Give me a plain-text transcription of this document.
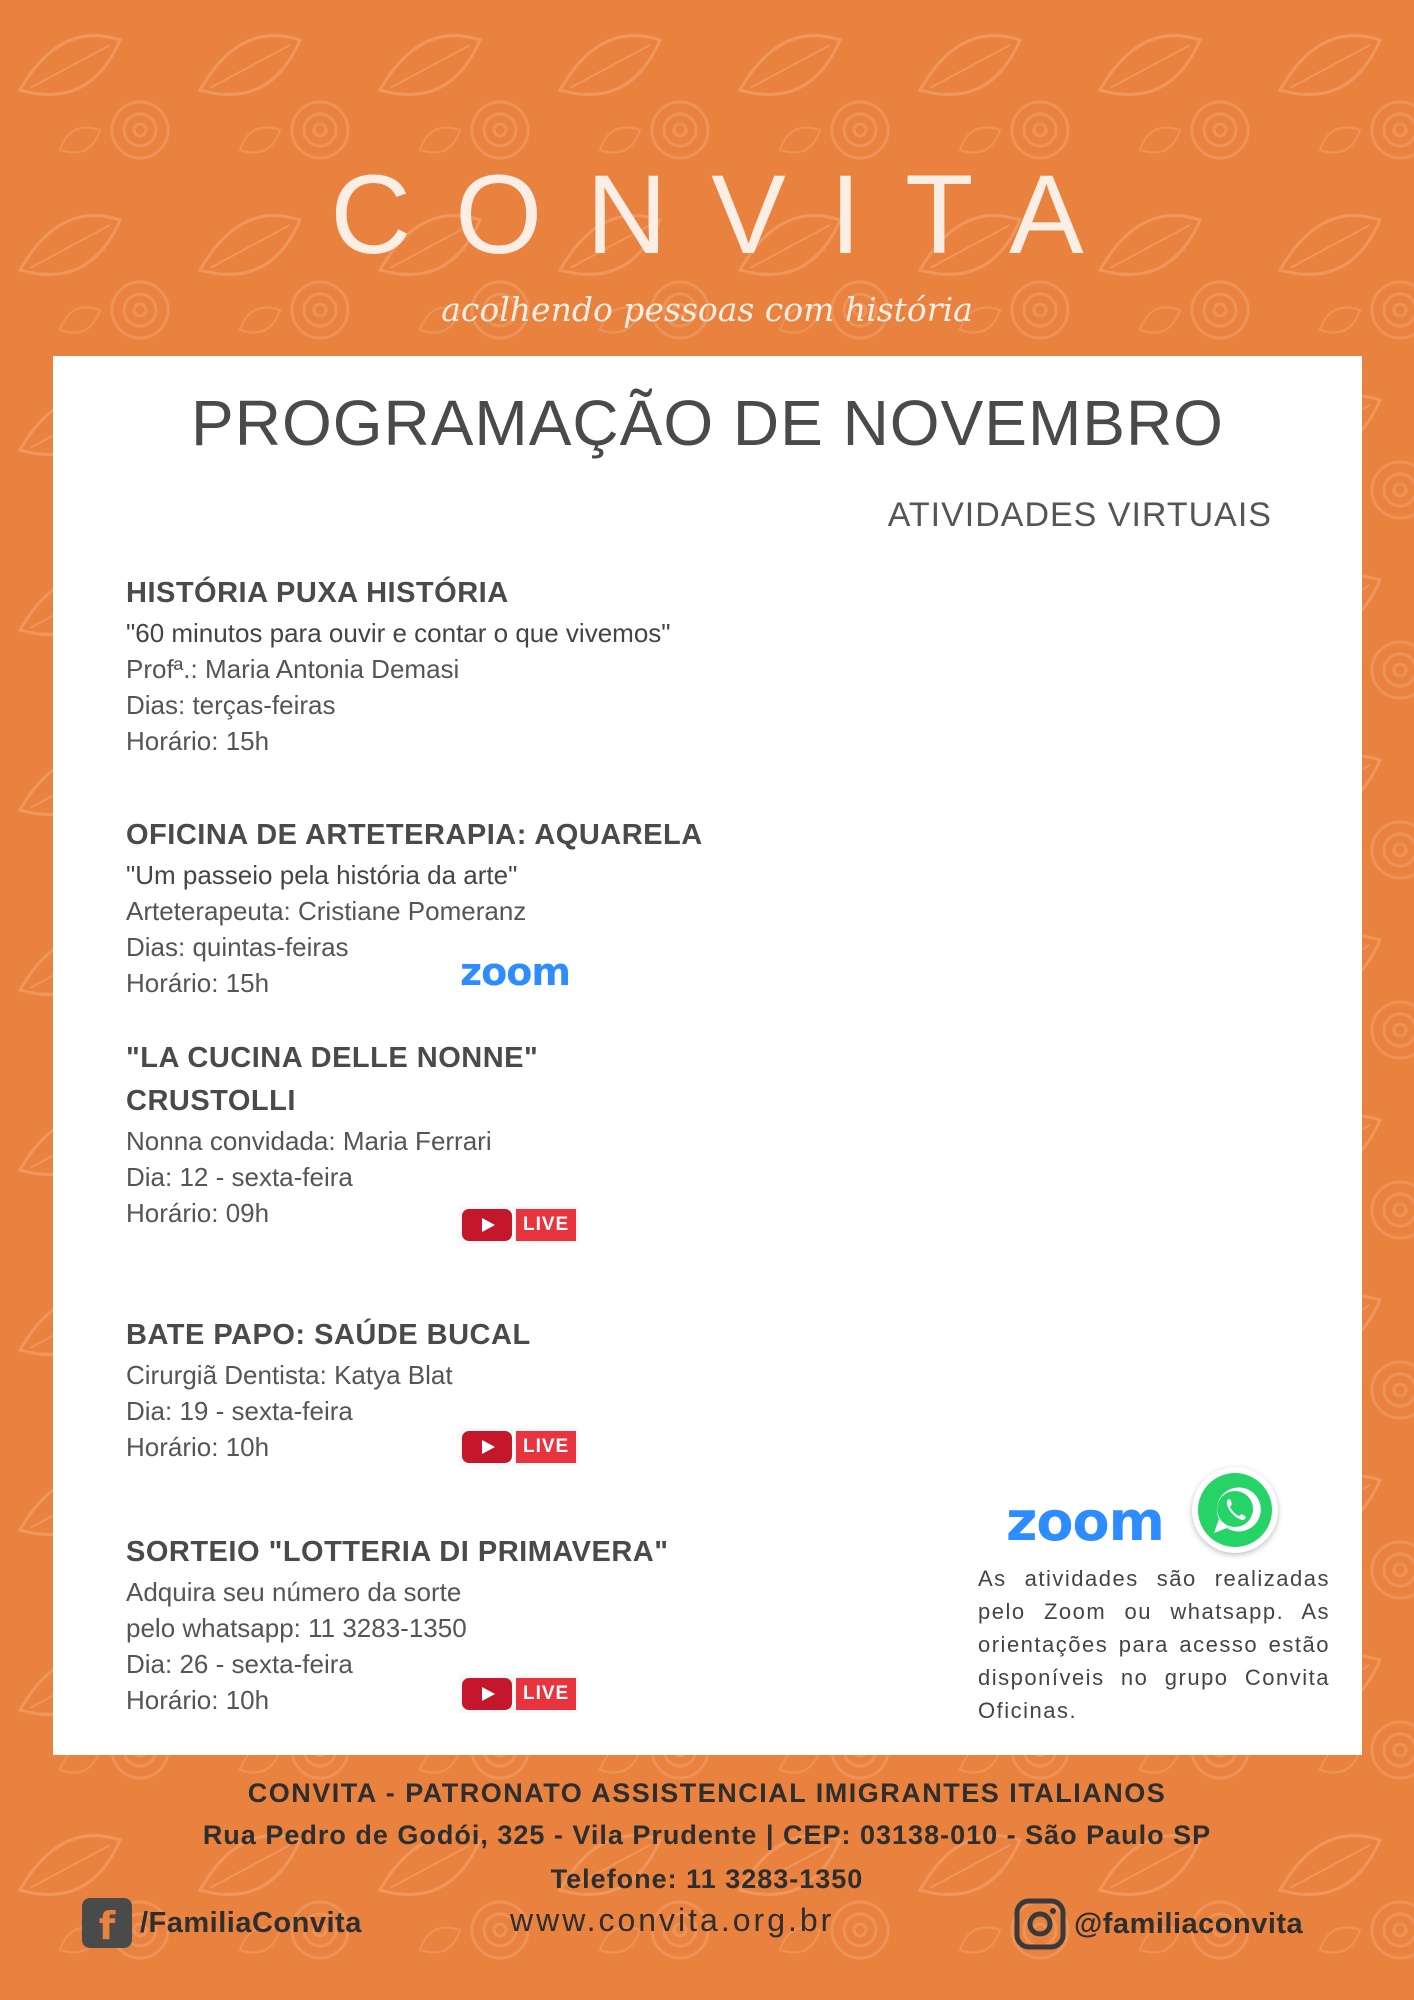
CONVITA
acolhendo pessoas com história
PROGRAMAÇÃO DE NOVEMBRO
ATIVIDADES VIRTUAIS
HISTÓRIA PUXA HISTÓRIA
"60 minutos para ouvir e contar o que vivemos"
Profª.: Maria Antonia Demasi
Dias: terças-feiras
Horário: 15h
OFICINA DE ARTETERAPIA: AQUARELA
"Um passeio pela história da arte"
Arteterapeuta: Cristiane Pomeranz
Dias: quintas-feiras
Horário: 15h	zoom
"LA CUCINA DELLE NONNE"
CRUSTOLLI
Nonna convidada: Maria Ferrari
Dia: 12 - sexta-feira
Horário: 09h	LIVE
BATE PAPO: SAÚDE BUCAL
Cirurgiã Dentista: Katya Blat
Dia: 19 - sexta-feira
Horário: 10h	LIVE
SORTEIO "LOTTERIA DI PRIMAVERA"
Adquira seu número da sorte
pelo whatsapp: 11 3283-1350
Dia: 26 - sexta-feira
Horário: 10h	LIVE
zoom
As atividades são realizadas pelo Zoom ou whatsapp. As orientações para acesso estão disponíveis no grupo Convita Oficinas.
CONVITA - PATRONATO ASSISTENCIAL IMIGRANTES ITALIANOS
Rua Pedro de Godói, 325 - Vila Prudente | CEP: 03138-010 - São Paulo SP
Telefone: 11 3283-1350
www.convita.org.br
f /FamiliaConvita	@familiaconvita
